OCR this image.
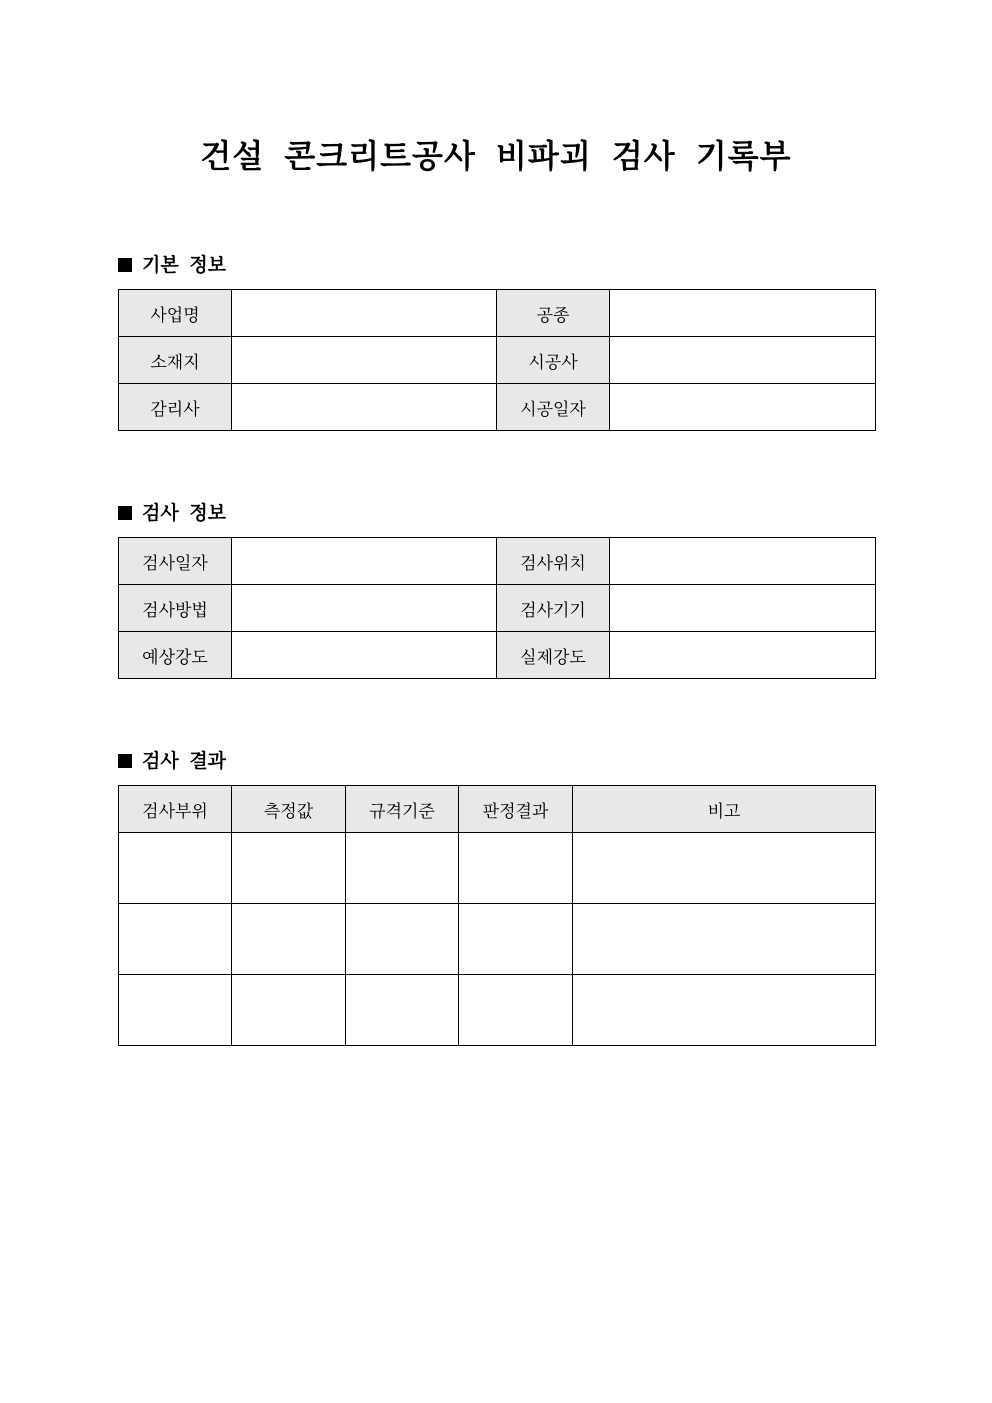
건설 콘크리트공사 비파괴 검사 기록부
기본 정보
사업명		공종	
소재지		시공사	
감리사		시공일자	
검사 정보
검사일자		검사위치	
검사방법		검사기기	
예상강도		실제강도	
검사 결과
검사부위	측정값	규격기준	판정결과	비고
